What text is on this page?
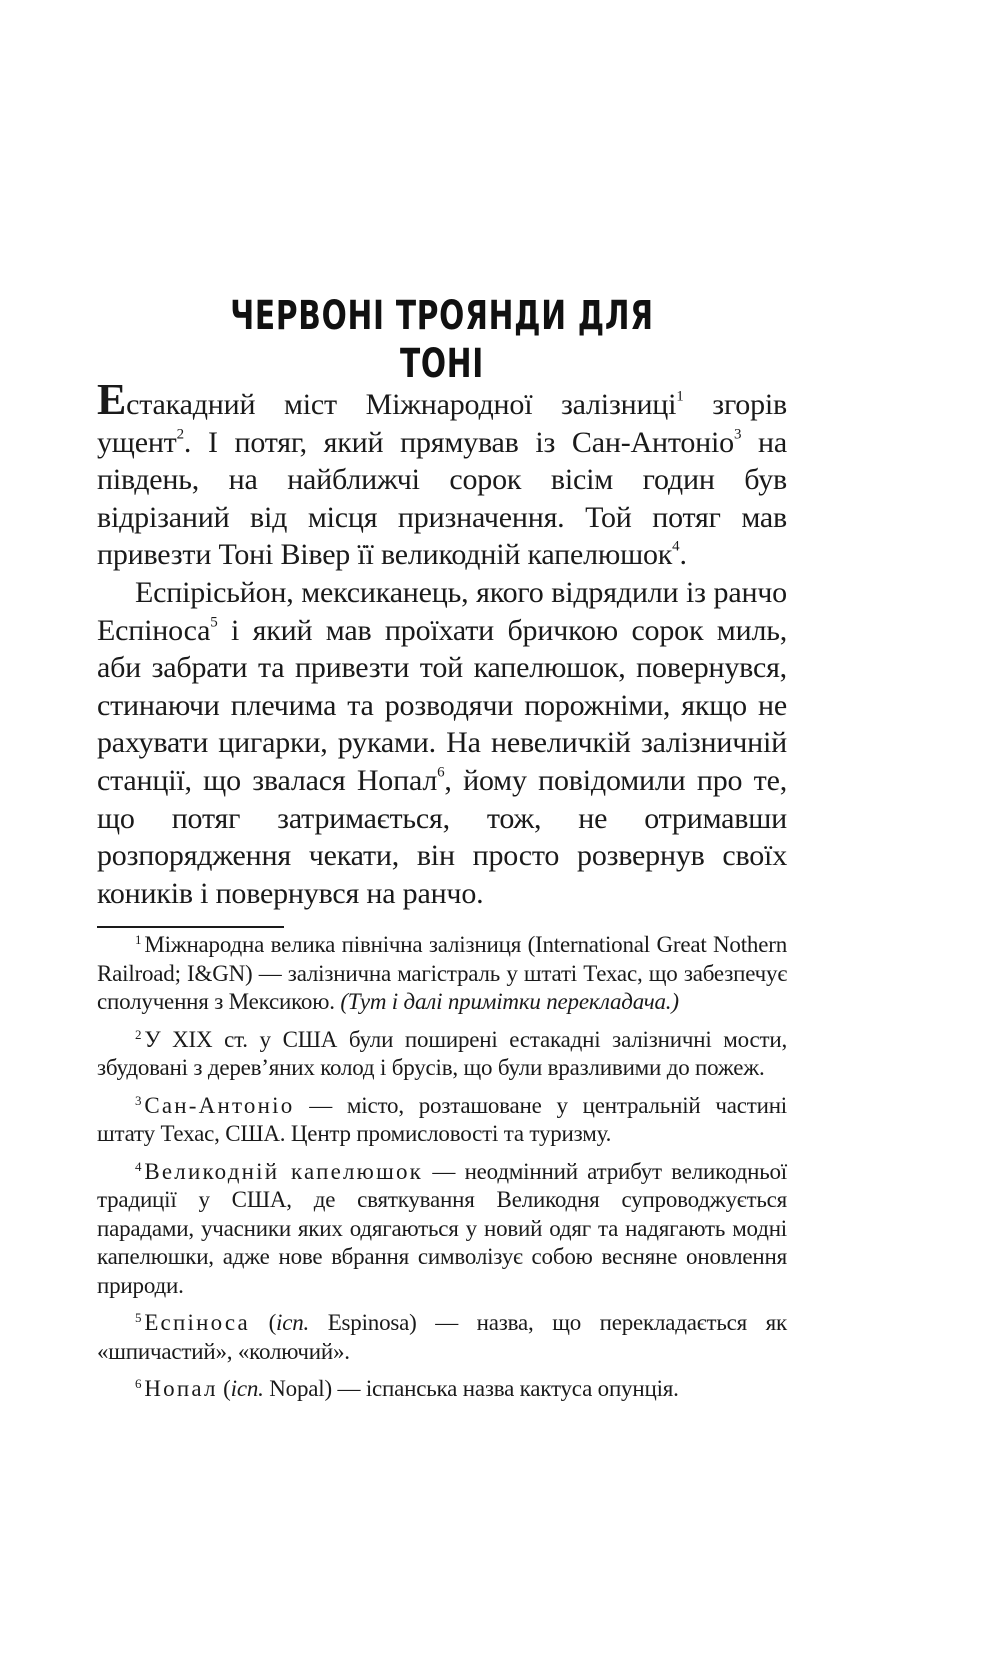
ЧЕРВОНІ ТРОЯНДИ ДЛЯ ТОНІ

Естакадний міст Міжнародної залізниці$^1$ згорів ущент$^2$. І потяг, який прямував із Сан-Антоніо$^3$ на південь, на найближчі сорок вісім годин був відрізаний від місця призначення. Той потяг мав привезти Тоні Вівер її великодній капелюшок$^4$.

Еспірісьйон, мексиканець, якого відрядили із ранчо Еспіноса$^5$ і який мав проїхати бричкою сорок миль, аби забрати та привезти той капелюшок, повернувся, стинаючи плечима та розводячи порожніми, якщо не рахувати цигарки, руками. На невеличкій залізничній станції, що звалася Нопал$^6$, йому повідомили про те, що потяг затримається, тож, не отримавши розпорядження чекати, він просто розвернув своїх коників і повернувся на ранчо.

$^1$ Міжнародна велика північна залізниця (International Great Nothern Railroad; I&GN) — залізнична магістраль у штаті Техас, що забезпечує сполучення з Мексикою. (Тут і далі примітки перекладача.)

$^2$ У XIX ст. у США були поширені естакадні залізничні мости, збудовані з дерев’яних колод і брусів, що були вразливими до пожеж.

$^3$ Сан-Антоніо — місто, розташоване у центральній частині штату Техас, США. Центр промисловості та туризму.

$^4$ Великодній капелюшок — неодмінний атрибут великодньої традиції у США, де святкування Великодня супроводжується парадами, учасники яких одягаються у новий одяг та надягають модні капелюшки, адже нове вбрання символізує собою весняне оновлення природи.

$^5$ Еспіноса (ісп. Espinosa) — назва, що перекладається як «шпичастий», «колючий».

$^6$ Нопал (ісп. Nopal) — іспанська назва кактуса опунція.
